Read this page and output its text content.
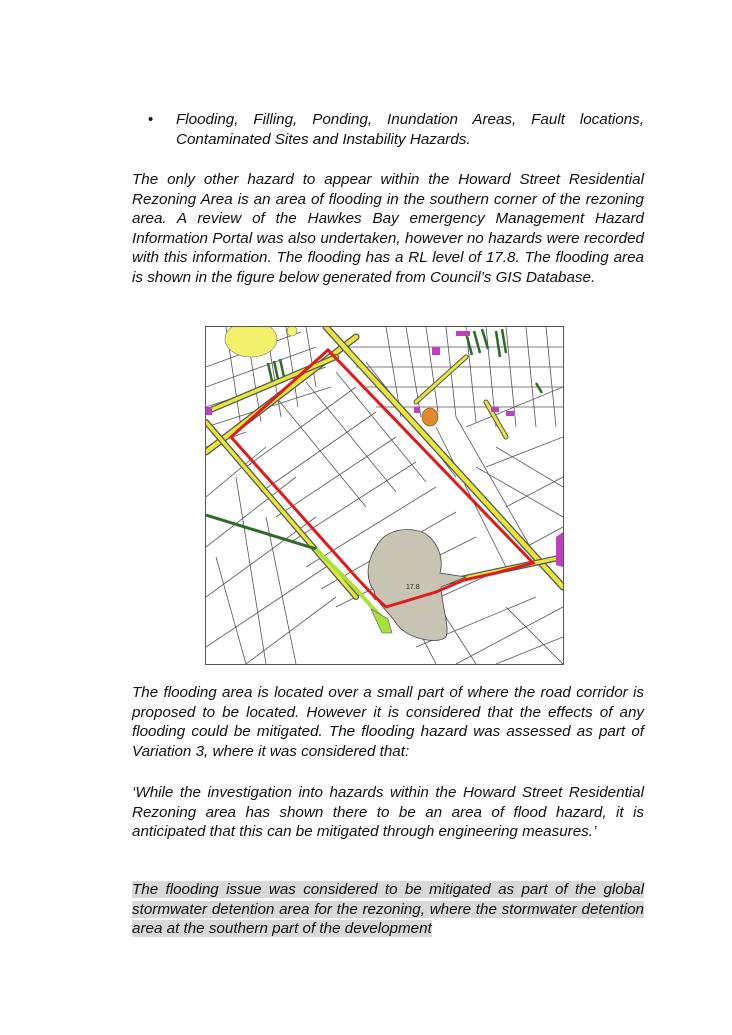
• Flooding, Filling, Ponding, Inundation Areas, Fault locations, Contaminated Sites and Instability Hazards.
The only other hazard to appear within the Howard Street Residential Rezoning Area is an area of flooding in the southern corner of the rezoning area. A review of the Hawkes Bay emergency Management Hazard Information Portal was also undertaken, however no hazards were recorded with this information. The flooding has a RL level of 17.8. The flooding area is shown in the figure below generated from Council’s GIS Database.
17.8
The flooding area is located over a small part of where the road corridor is proposed to be located. However it is considered that the effects of any flooding could be mitigated. The flooding hazard was assessed as part of Variation 3, where it was considered that:
‘While the investigation into hazards within the Howard Street Residential Rezoning area has shown there to be an area of flood hazard, it is anticipated that this can be mitigated through engineering measures.’
The flooding issue was considered to be mitigated as part of the global stormwater detention area for the rezoning, where the stormwater detention area at the southern part of the development
